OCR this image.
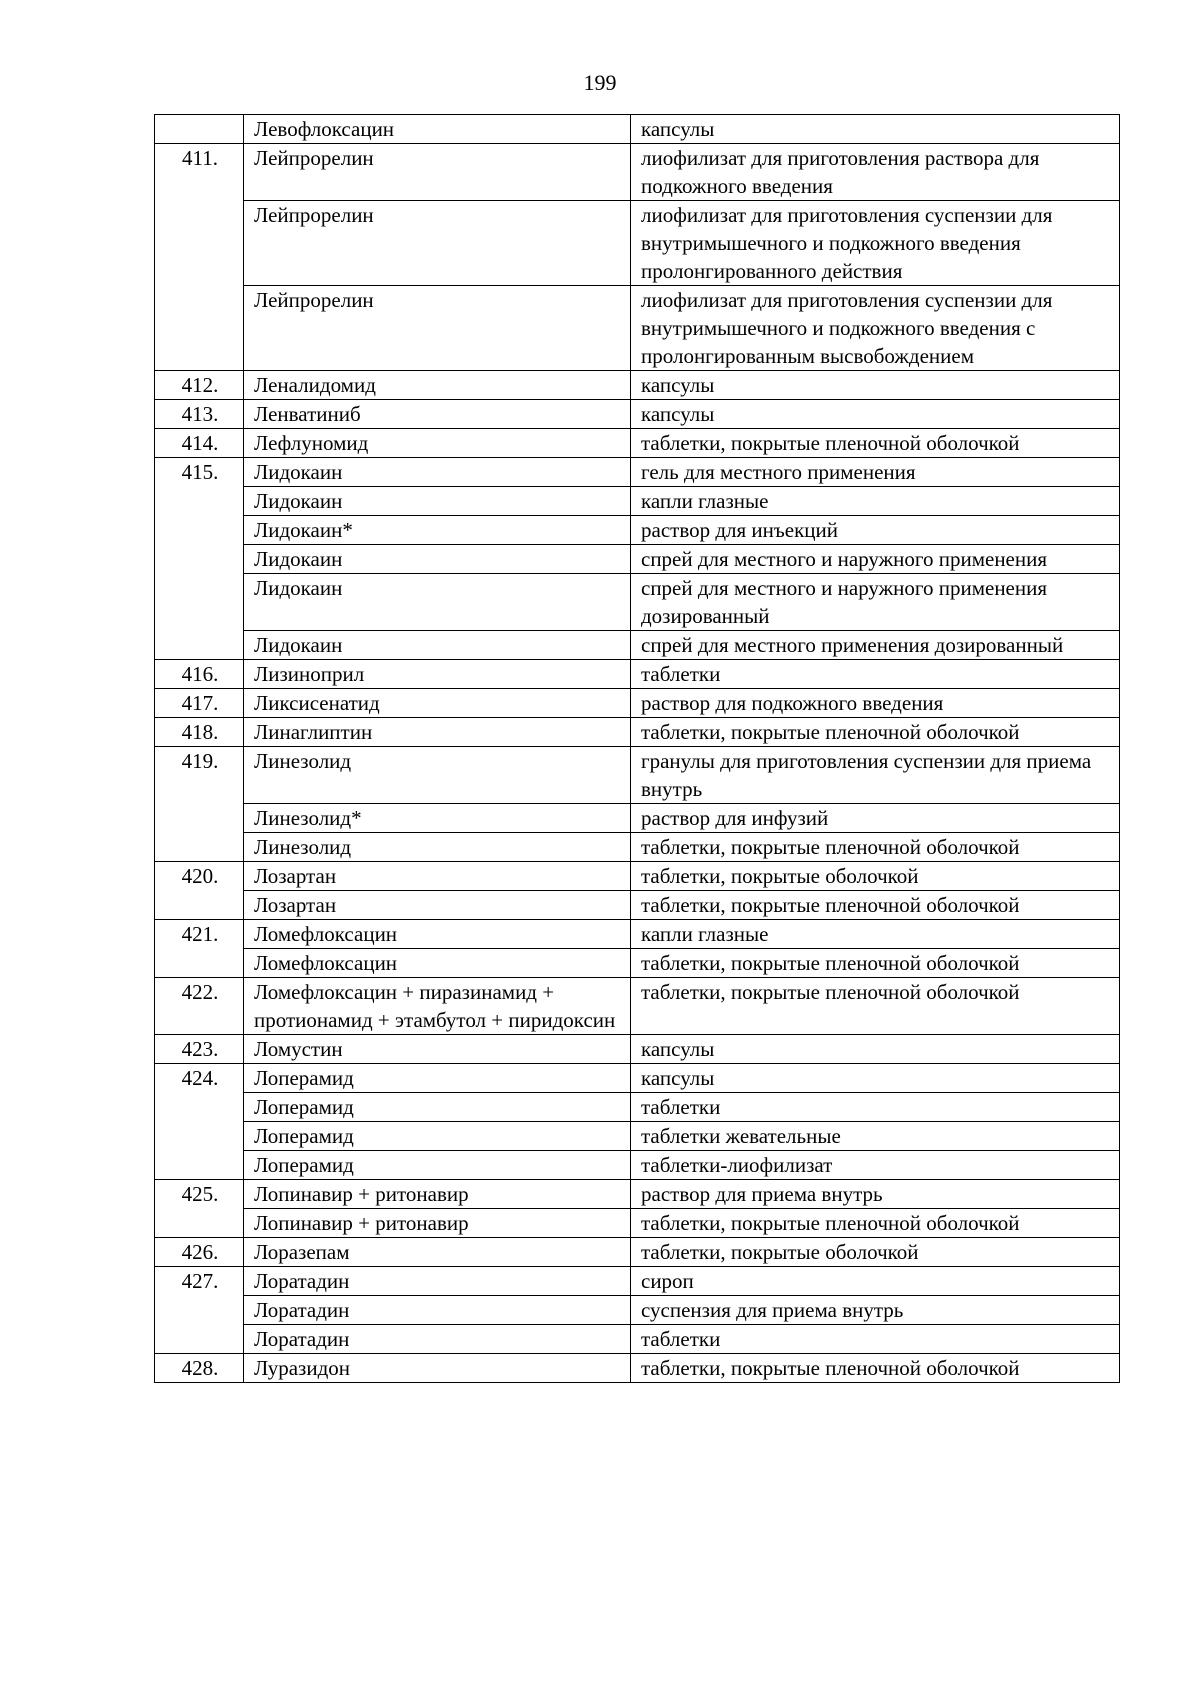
199
	Левофлоксацин	капсулы
411.	Лейпрорелин	лиофилизат для приготовления раствора для подкожного введения
	Лейпрорелин	лиофилизат для приготовления суспензии для внутримышечного и подкожного введения пролонгированного действия
	Лейпрорелин	лиофилизат для приготовления суспензии для внутримышечного и подкожного введения с пролонгированным высвобождением
412.	Леналидомид	капсулы
413.	Ленватиниб	капсулы
414.	Лефлуномид	таблетки, покрытые пленочной оболочкой
415.	Лидокаин	гель для местного применения
	Лидокаин	капли глазные
	Лидокаин*	раствор для инъекций
	Лидокаин	спрей для местного и наружного применения
	Лидокаин	спрей для местного и наружного применения дозированный
	Лидокаин	спрей для местного применения дозированный
416.	Лизиноприл	таблетки
417.	Ликсисенатид	раствор для подкожного введения
418.	Линаглиптин	таблетки, покрытые пленочной оболочкой
419.	Линезолид	гранулы для приготовления суспензии для приема внутрь
	Линезолид*	раствор для инфузий
	Линезолид	таблетки, покрытые пленочной оболочкой
420.	Лозартан	таблетки, покрытые оболочкой
	Лозартан	таблетки, покрытые пленочной оболочкой
421.	Ломефлоксацин	капли глазные
	Ломефлоксацин	таблетки, покрытые пленочной оболочкой
422.	Ломефлоксацин + пиразинамид + протионамид + этамбутол + пиридоксин	таблетки, покрытые пленочной оболочкой
423.	Ломустин	капсулы
424.	Лоперамид	капсулы
	Лоперамид	таблетки
	Лоперамид	таблетки жевательные
	Лоперамид	таблетки-лиофилизат
425.	Лопинавир + ритонавир	раствор для приема внутрь
	Лопинавир + ритонавир	таблетки, покрытые пленочной оболочкой
426.	Лоразепам	таблетки, покрытые оболочкой
427.	Лоратадин	сироп
	Лоратадин	суспензия для приема внутрь
	Лоратадин	таблетки
428.	Луразидон	таблетки, покрытые пленочной оболочкой
